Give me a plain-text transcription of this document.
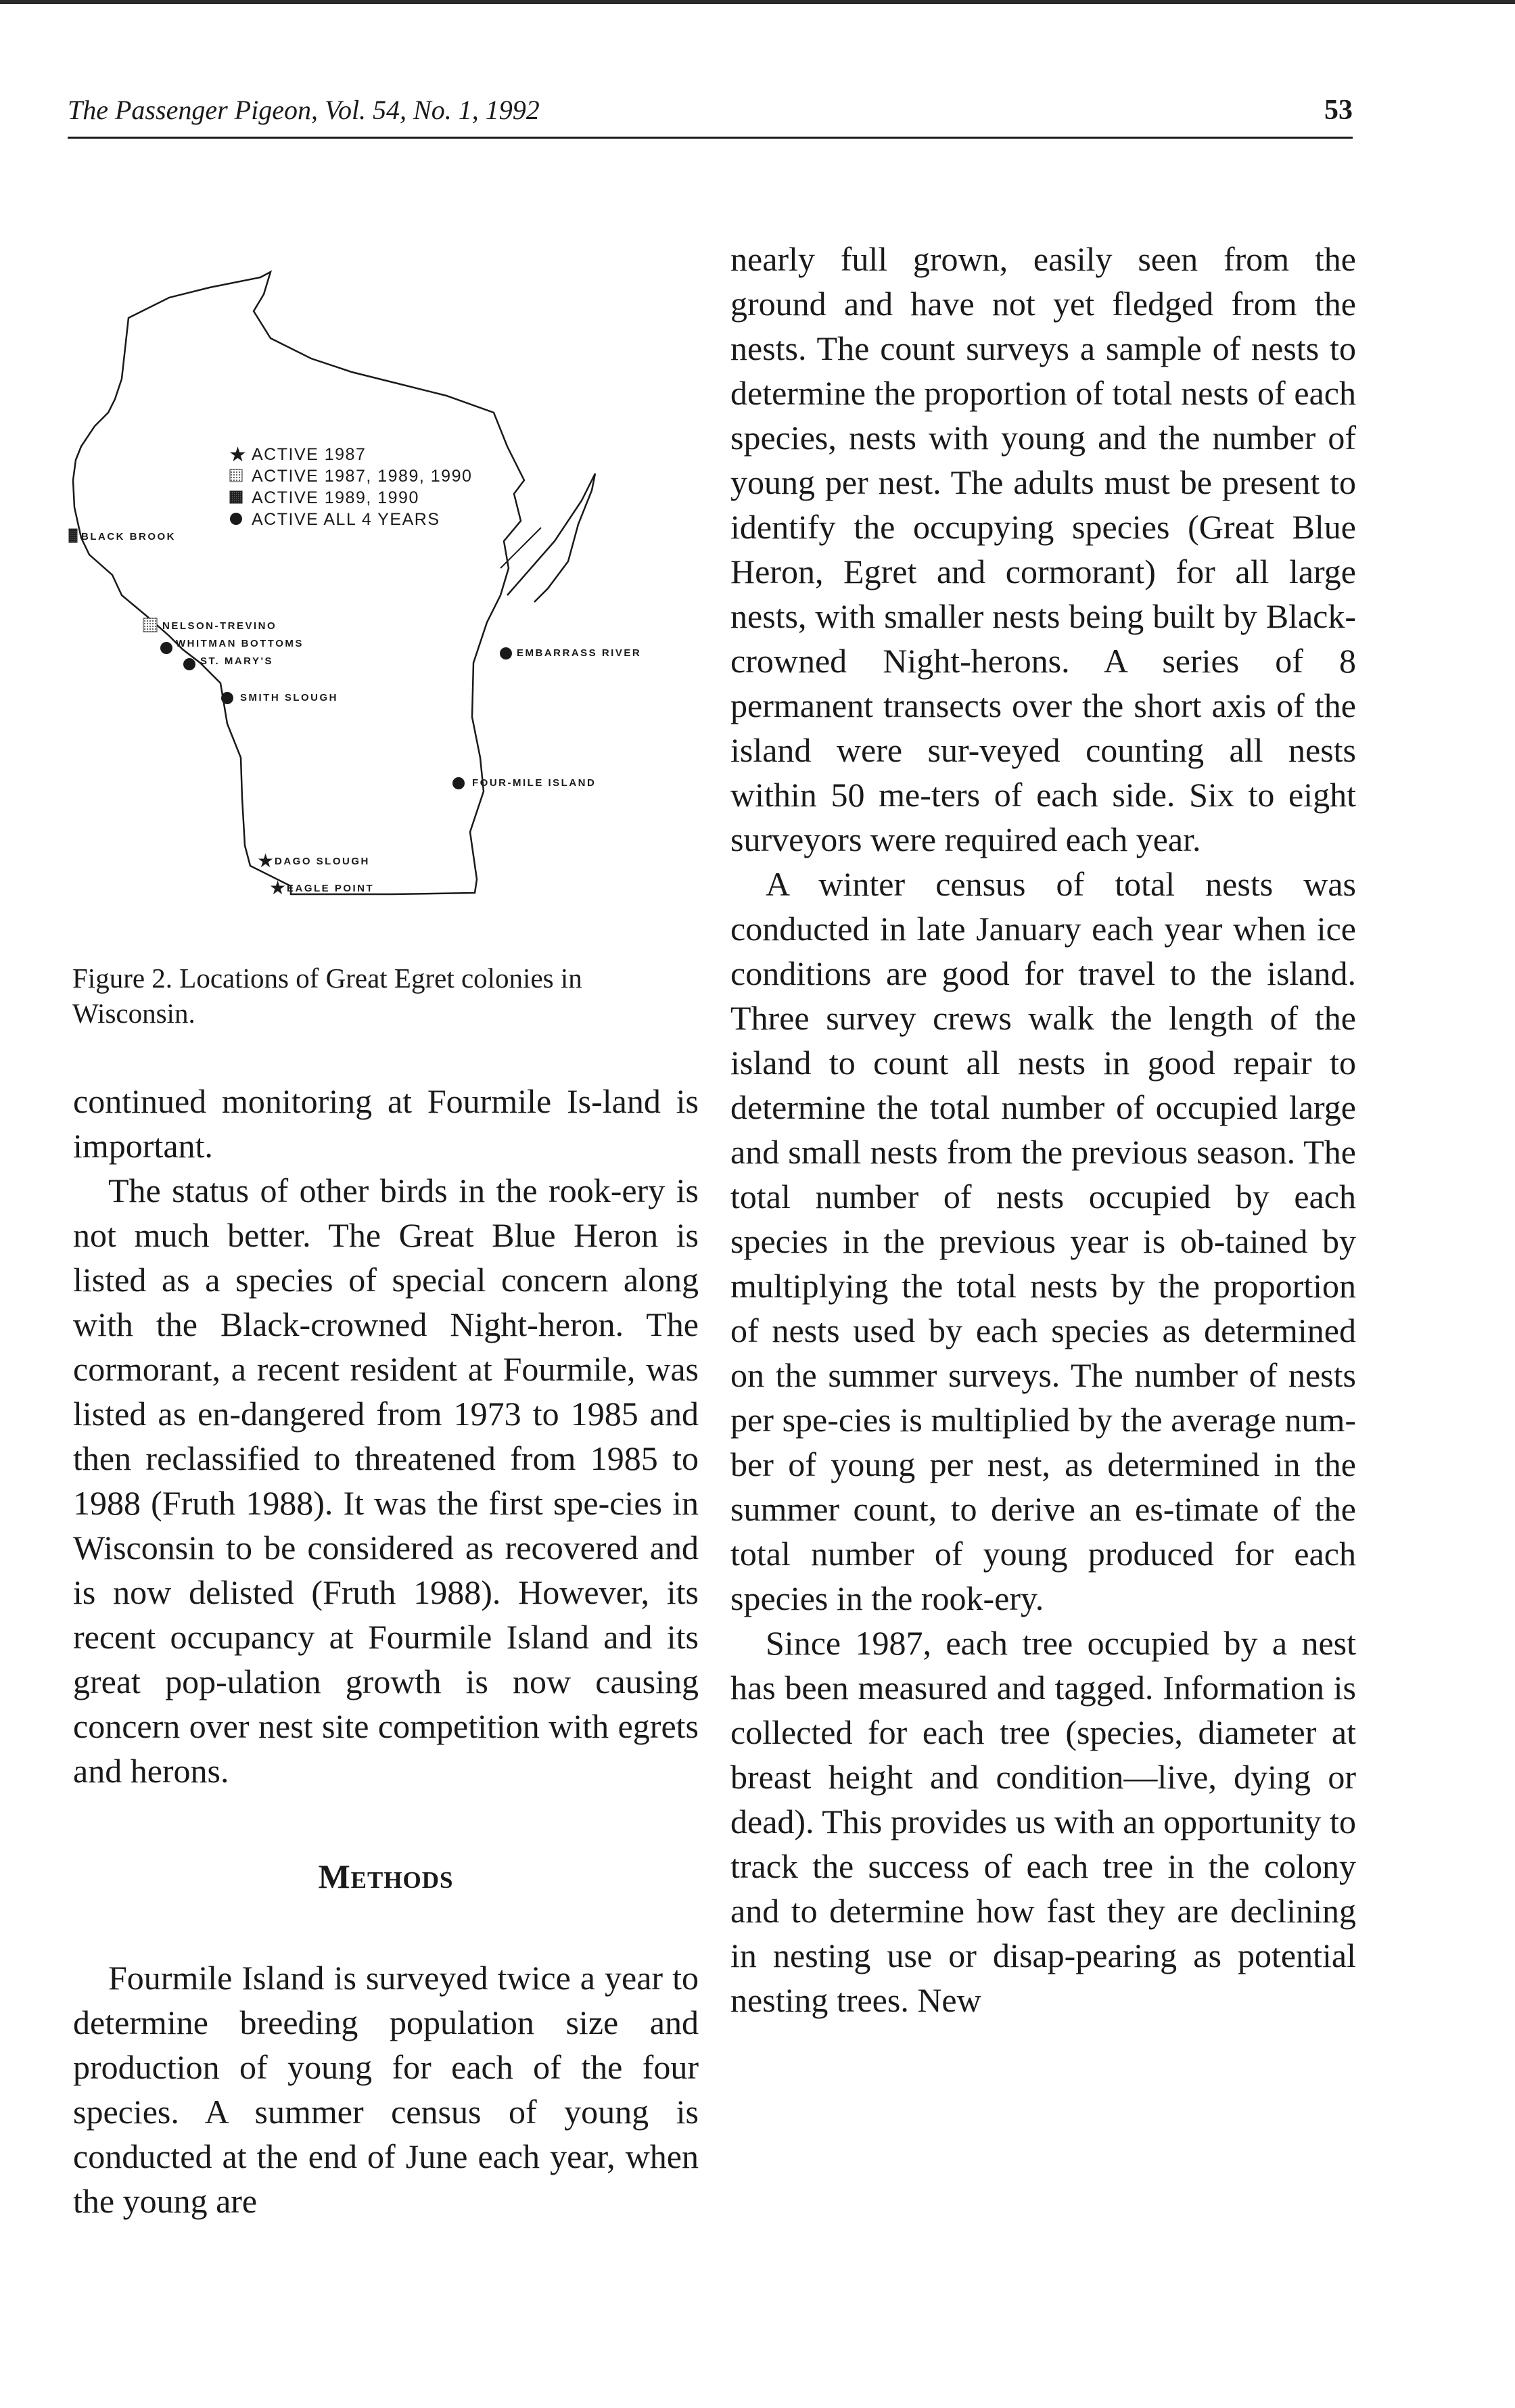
The Passenger Pigeon, Vol. 54, No. 1, 1992	53
★ ACTIVE 1987
ACTIVE 1987, 1989, 1990
ACTIVE 1989, 1990
ACTIVE ALL 4 YEARS
BLACK BROOK
NELSON-TREVINO
WHITMAN BOTTOMS
ST. MARY'S
SMITH SLOUGH
EMBARRASS RIVER
FOUR-MILE ISLAND
★ DAGO SLOUGH
★ EAGLE POINT

Figure 2. Locations of Great Egret colonies in Wisconsin.

continued monitoring at Fourmile Is-land is important.

The status of other birds in the rook-ery is not much better. The Great Blue Heron is listed as a species of special concern along with the Black-crowned Night-heron. The cormorant, a recent resident at Fourmile, was listed as en-dangered from 1973 to 1985 and then reclassified to threatened from 1985 to 1988 (Fruth 1988). It was the first spe-cies in Wisconsin to be considered as recovered and is now delisted (Fruth 1988). However, its recent occupancy at Fourmile Island and its great pop-ulation growth is now causing concern over nest site competition with egrets and herons.

Methods

Fourmile Island is surveyed twice a year to determine breeding population size and production of young for each of the four species. A summer census of young is conducted at the end of June each year, when the young are

nearly full grown, easily seen from the ground and have not yet fledged from the nests. The count surveys a sample of nests to determine the proportion of total nests of each species, nests with young and the number of young per nest. The adults must be present to identify the occupying species (Great Blue Heron, Egret and cormorant) for all large nests, with smaller nests being built by Black-crowned Night-herons. A series of 8 permanent transects over the short axis of the island were sur-veyed counting all nests within 50 me-ters of each side. Six to eight surveyors were required each year.

A winter census of total nests was conducted in late January each year when ice conditions are good for travel to the island. Three survey crews walk the length of the island to count all nests in good repair to determine the total number of occupied large and small nests from the previous season. The total number of nests occupied by each species in the previous year is ob-tained by multiplying the total nests by the proportion of nests used by each species as determined on the summer surveys. The number of nests per spe-cies is multiplied by the average num-ber of young per nest, as determined in the summer count, to derive an es-timate of the total number of young produced for each species in the rook-ery.

Since 1987, each tree occupied by a nest has been measured and tagged. Information is collected for each tree (species, diameter at breast height and condition—live, dying or dead). This provides us with an opportunity to track the success of each tree in the colony and to determine how fast they are declining in nesting use or disap-pearing as potential nesting trees. New
